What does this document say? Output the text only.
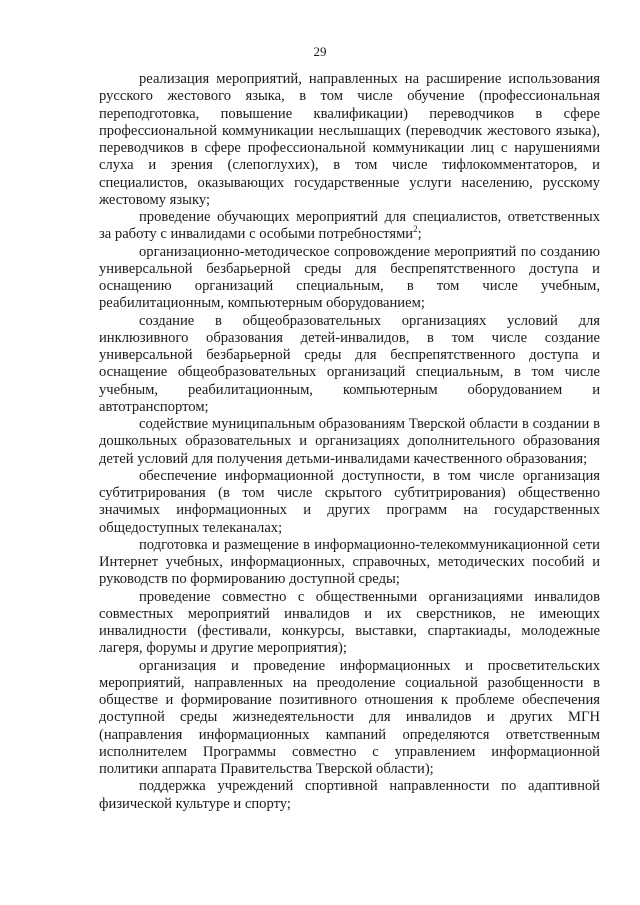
29

реализация мероприятий, направленных на расширение использования русского жестового языка, в том числе обучение (профессиональная переподготовка, повышение квалификации) переводчиков в сфере профессиональной коммуникации неслышащих (переводчик жестового языка), переводчиков в сфере профессиональной коммуникации лиц с нарушениями слуха и зрения (слепоглухих), в том числе тифлокомментаторов, и специалистов, оказывающих государственные услуги населению, русскому жестовому языку;

проведение обучающих мероприятий для специалистов, ответственных за работу с инвалидами с особыми потребностями$^2$;

организационно-методическое сопровождение мероприятий по созданию универсальной безбарьерной среды для беспрепятственного доступа и оснащению организаций специальным, в том числе учебным, реабилитационным, компьютерным оборудованием;

создание в общеобразовательных организациях условий для инклюзивного образования детей-инвалидов, в том числе создание универсальной безбарьерной среды для беспрепятственного доступа и оснащение общеобразовательных организаций специальным, в том числе учебным, реабилитационным, компьютерным оборудованием и автотранспортом;

содействие муниципальным образованиям Тверской области в создании в дошкольных образовательных и организациях дополнительного образования детей условий для получения детьми-инвалидами качественного образования;

обеспечение информационной доступности, в том числе организация субтитрирования (в том числе скрытого субтитрирования) общественно значимых информационных и других программ на государственных общедоступных телеканалах;

подготовка и размещение в информационно-телекоммуникационной сети Интернет учебных, информационных, справочных, методических пособий и руководств по формированию доступной среды;

проведение совместно с общественными организациями инвалидов совместных мероприятий инвалидов и их сверстников, не имеющих инвалидности (фестивали, конкурсы, выставки, спартакиады, молодежные лагеря, форумы и другие мероприятия);

организация и проведение информационных и просветительских мероприятий, направленных на преодоление социальной разобщенности в обществе и формирование позитивного отношения к проблеме обеспечения доступной среды жизнедеятельности для инвалидов и других МГН (направления информационных кампаний определяются ответственным исполнителем Программы совместно с управлением информационной политики аппарата Правительства Тверской области);

поддержка учреждений спортивной направленности по адаптивной физической культуре и спорту;
